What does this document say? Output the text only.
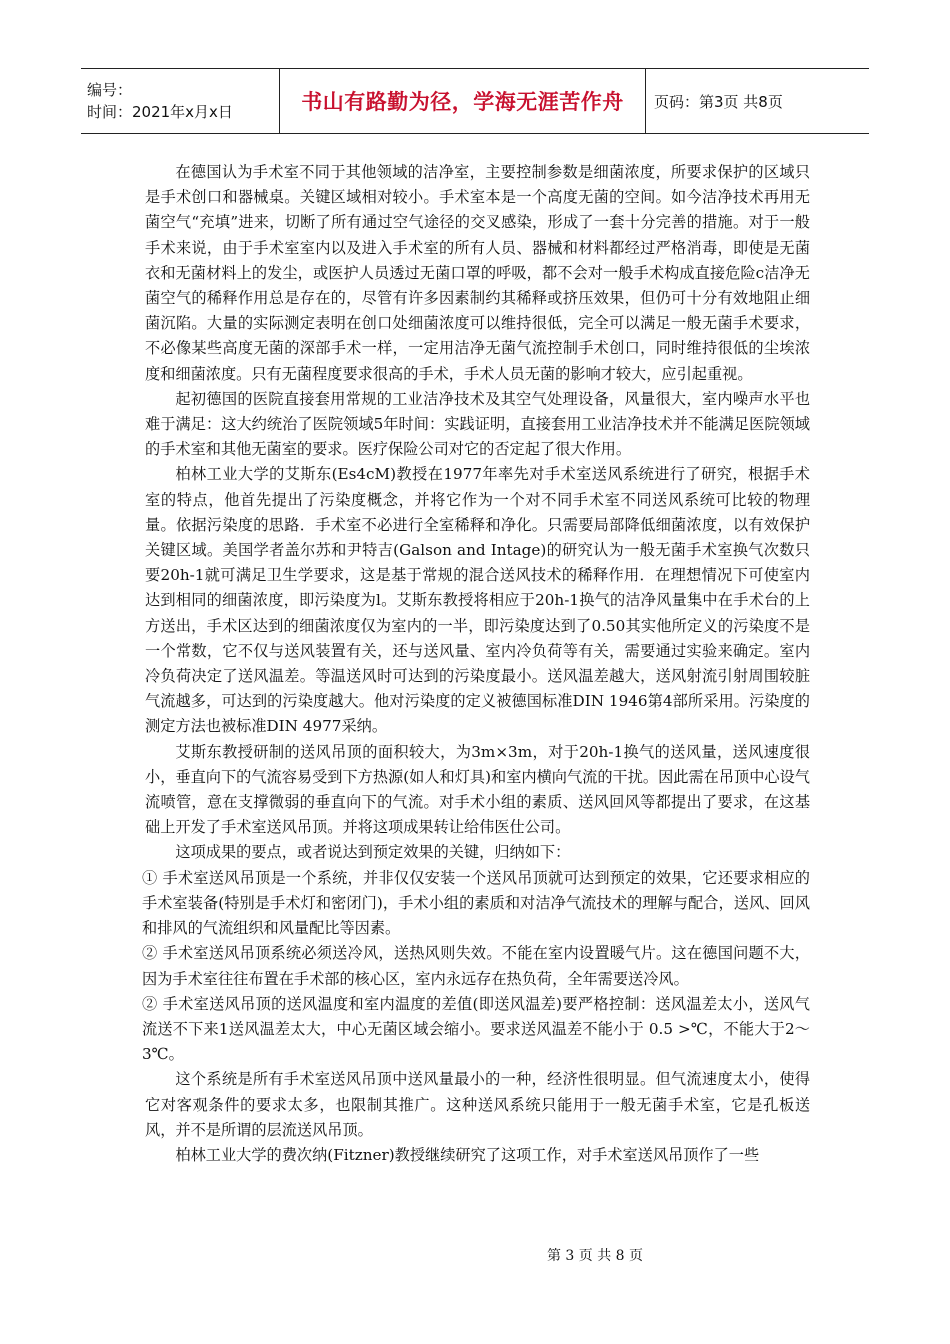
编号：
时间：2021年x月x日	书山有路勤为径，学海无涯苦作舟	页码：第3页 共8页

在德国认为手术室不同于其他领域的洁净室，主要控制参数是细菌浓度，所要求保护的区域只是手术创口和器械桌。关键区域相对较小。手术室本是一个高度无菌的空间。如今洁净技术再用无菌空气“充填”进来，切断了所有通过空气途径的交叉感染，形成了一套十分完善的措施。对于一般手术来说，由于手术室室内以及进入手术室的所有人员、器械和材料都经过严格消毒，即使是无菌衣和无菌材料上的发尘，或医护人员透过无菌口罩的呼吸，都不会对一般手术构成直接危险c洁净无菌空气的稀释作用总是存在的，尽管有许多因素制约其稀释或挤压效果，但仍可十分有效地阻止细菌沉陷。大量的实际测定表明在创口处细菌浓度可以维持很低，完全可以满足一般无菌手术要求，不必像某些高度无菌的深部手术一样，一定用洁净无菌气流控制手术创口，同时维持很低的尘埃浓度和细菌浓度。只有无菌程度要求很高的手术，手术人员无菌的影响才较大，应引起重视。

起初德国的医院直接套用常规的工业洁净技术及其空气处理设备，风量很大，室内噪声水平也难于满足：这大约统治了医院领域5年时间：实践证明，直接套用工业洁净技术并不能满足医院领域的手术室和其他无菌室的要求。医疗保险公司对它的否定起了很大作用。

柏林工业大学的艾斯东(Es4cM)教授在1977年率先对手术室送风系统进行了研究，根据手术室的特点，他首先提出了污染度概念，并将它作为一个对不同手术室不同送风系统可比较的物理量。依据污染度的思路．手术室不必进行全室稀释和净化。只需要局部降低细菌浓度，以有效保护关键区域。美国学者盖尔苏和尹特吉(Galson and Intage)的研究认为一般无菌手术室换气次数只要20h-1就可满足卫生学要求，这是基于常规的混合送风技术的稀释作用．在理想情况下可使室内达到相同的细菌浓度，即污染度为l。艾斯东教授将相应于20h-1换气的洁净风量集中在手术台的上方送出，手术区达到的细菌浓度仅为室内的一半，即污染度达到了0.50其实他所定义的污染度不是一个常数，它不仅与送风装置有关，还与送风量、室内冷负荷等有关，需要通过实验来确定。室内冷负荷决定了送风温差。等温送风时可达到的污染度最小。送风温差越大，送风射流引射周围较脏气流越多，可达到的污染度越大。他对污染度的定义被德国标准DIN 1946第4部所采用。污染度的测定方法也被标准DIN 4977采纳。

艾斯东教授研制的送风吊顶的面积较大，为3m×3m，对于20h-1换气的送风量，送风速度很小，垂直向下的气流容易受到下方热源(如人和灯具)和室内横向气流的干扰。因此需在吊顶中心设气流喷管，意在支撑微弱的垂直向下的气流。对手术小组的素质、送风回风等都提出了要求，在这基础上开发了手术室送风吊顶。并将这项成果转让给伟医仕公司。

这项成果的要点，或者说达到预定效果的关键，归纳如下：

① 手术室送风吊顶是一个系统，并非仅仅安装一个送风吊顶就可达到预定的效果，它还要求相应的手术室装备(特别是手术灯和密闭门)，手术小组的素质和对洁净气流技术的理解与配合，送风、回风和排风的气流组织和风量配比等因素。

② 手术室送风吊顶系统必须送冷风，送热风则失效。不能在室内设置暖气片。这在德国问题不大，因为手术室往往布置在手术部的核心区，室内永远存在热负荷，全年需要送冷风。

② 手术室送风吊顶的送风温度和室内温度的差值(即送风温差)要严格控制：送风温差太小，送风气流送不下来1送风温差太大，中心无菌区域会缩小。要求送风温差不能小于 0.5 >℃，不能大于2～3℃。

这个系统是所有手术室送风吊顶中送风量最小的一种，经济性很明显。但气流速度太小，使得它对客观条件的要求太多，也限制其推广。这种送风系统只能用于一般无菌手术室，它是孔板送风，并不是所谓的层流送风吊顶。

柏林工业大学的费次纳(Fitzner)教授继续研究了这项工作，对手术室送风吊顶作了一些

第 3 页 共 8 页
